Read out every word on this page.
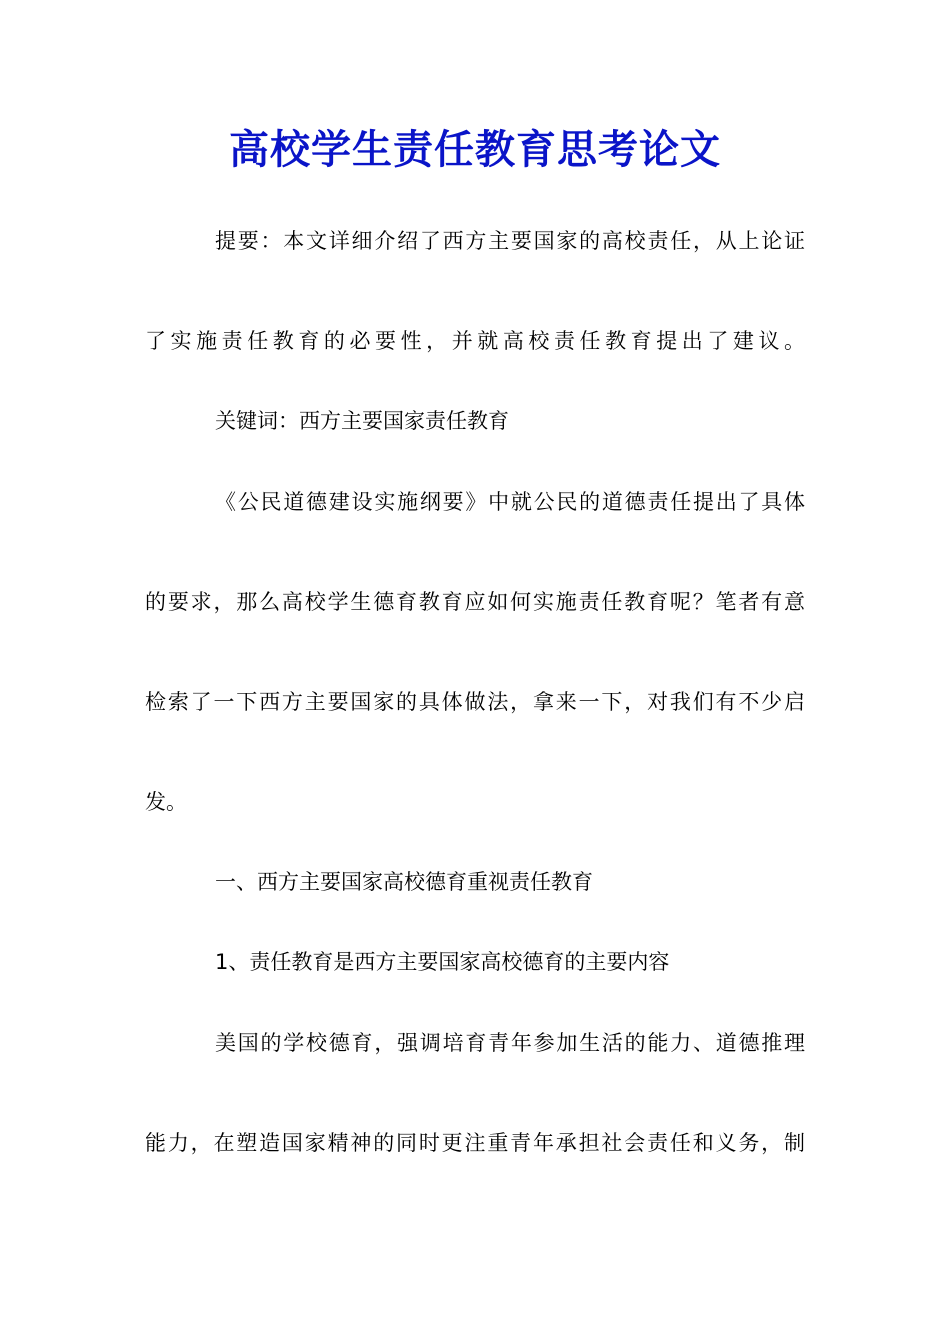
高校学生责任教育思考论文
提要：本文详细介绍了西方主要国家的高校责任，从上论证
了实施责任教育的必要性，并就高校责任教育提出了建议。
关键词：西方主要国家责任教育
《公民道德建设实施纲要》中就公民的道德责任提出了具体
的要求，那么高校学生德育教育应如何实施责任教育呢？笔者有意
检索了一下西方主要国家的具体做法，拿来一下，对我们有不少启
发。
一、西方主要国家高校德育重视责任教育
1、责任教育是西方主要国家高校德育的主要内容
美国的学校德育，强调培育青年参加生活的能力、道德推理
能力，在塑造国家精神的同时更注重青年承担社会责任和义务，制
